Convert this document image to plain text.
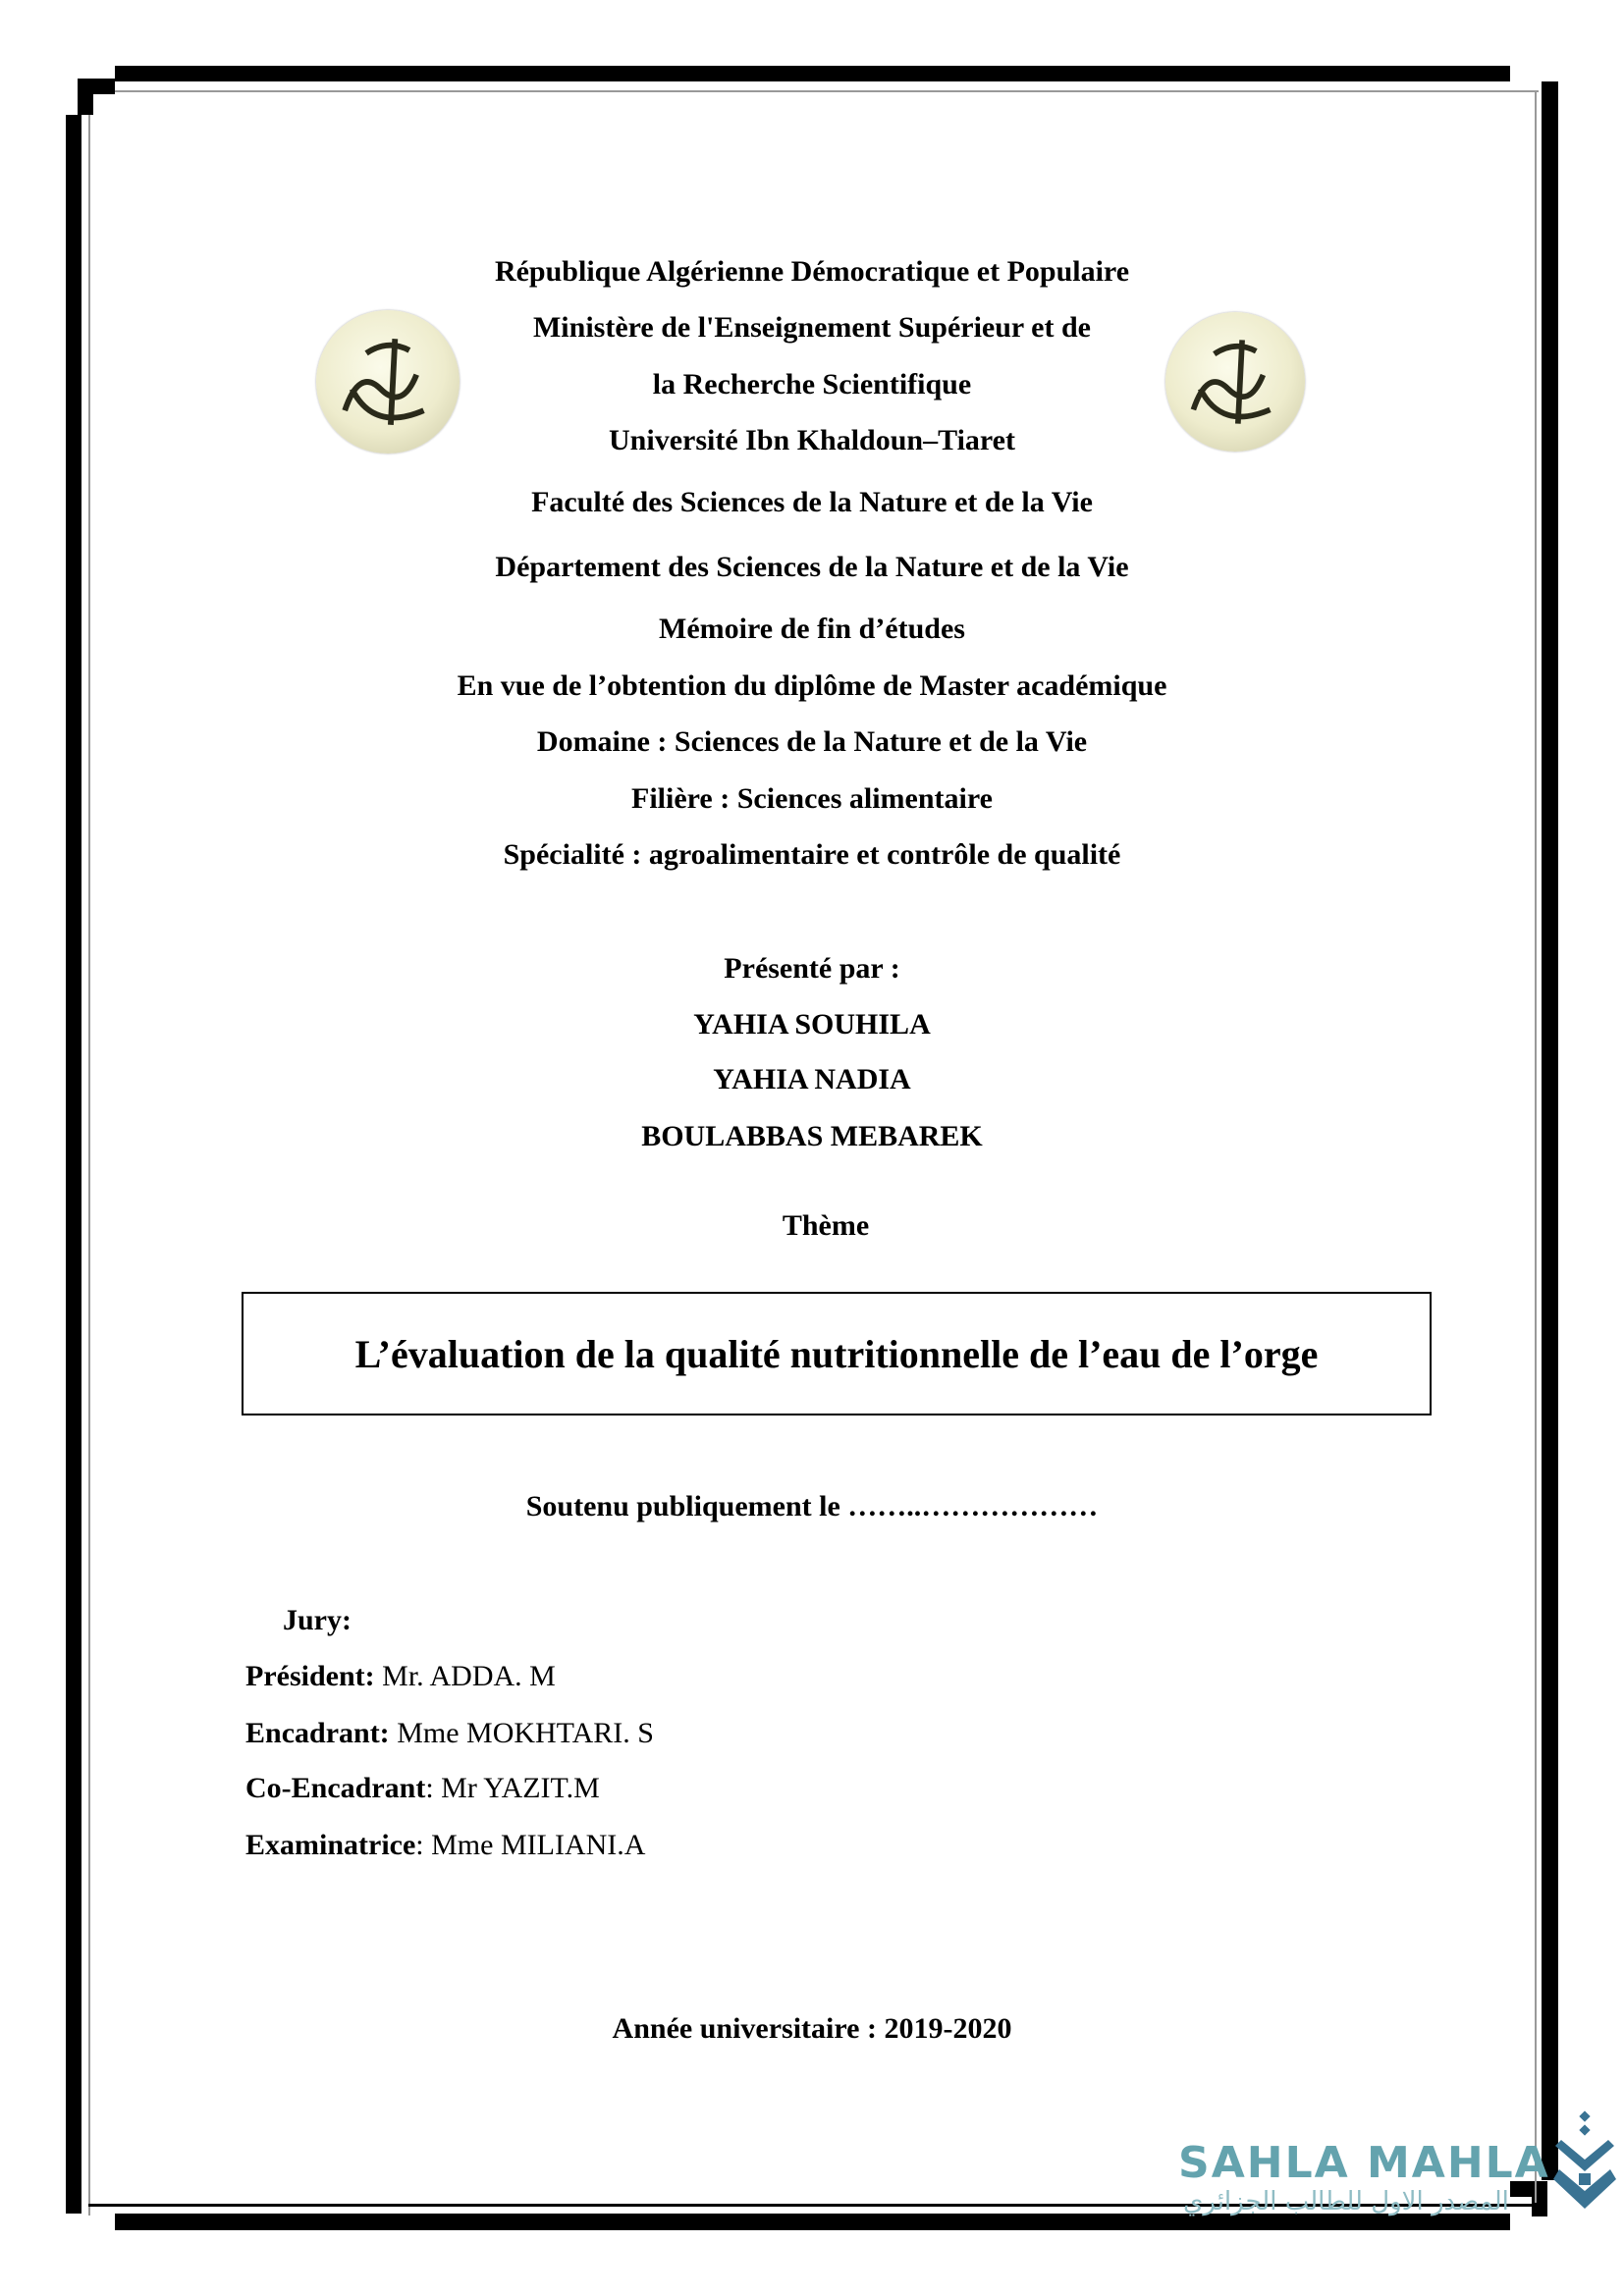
République Algérienne Démocratique et Populaire
Ministère de l'Enseignement Supérieur et de
la Recherche Scientifique
Université Ibn Khaldoun–Tiaret
Faculté des Sciences de la Nature et de la Vie
Département des Sciences de la Nature et de la Vie
Mémoire de fin d’études
En vue de l’obtention du diplôme de Master académique
Domaine : Sciences de la Nature et de la Vie
Filière : Sciences alimentaire
Spécialité : agroalimentaire et contrôle de qualité
Présenté par :
YAHIA SOUHILA
YAHIA NADIA
BOULABBAS MEBAREK
Thème
L’évaluation de la qualité nutritionnelle de l’eau de l’orge
Soutenu publiquement le ……..………………
Jury:
Président: Mr. ADDA. M
Encadrant: Mme MOKHTARI. S
Co-Encadrant: Mr YAZIT.M
Examinatrice: Mme MILIANI.A
Année universitaire : 2019-2020
SAHLA MAHLA
المصدر الاول للطالب الجزائري
